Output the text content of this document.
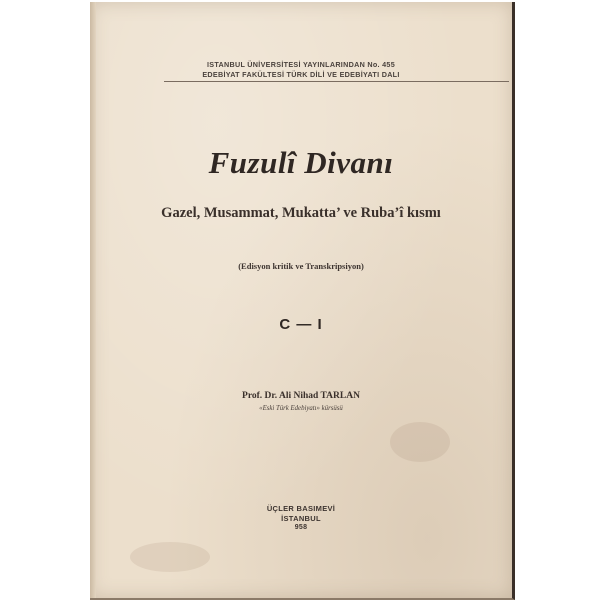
ISTANBUL ÜNİVERSİTESİ YAYINLARINDAN No. 455
EDEBİYAT FAKÜLTESİ TÜRK DİLİ VE EDEBİYATI DALI
Fuzulî Divanı
Gazel, Musammat, Mukatta’ ve Ruba’î kısmı
(Edisyon kritik ve Transkripsiyon)
C — I
Prof. Dr. Ali Nihad TARLAN
«Eski Türk Edebiyatı» kürsüsü
ÜÇLER BASIMEVİ
İSTANBUL
958
